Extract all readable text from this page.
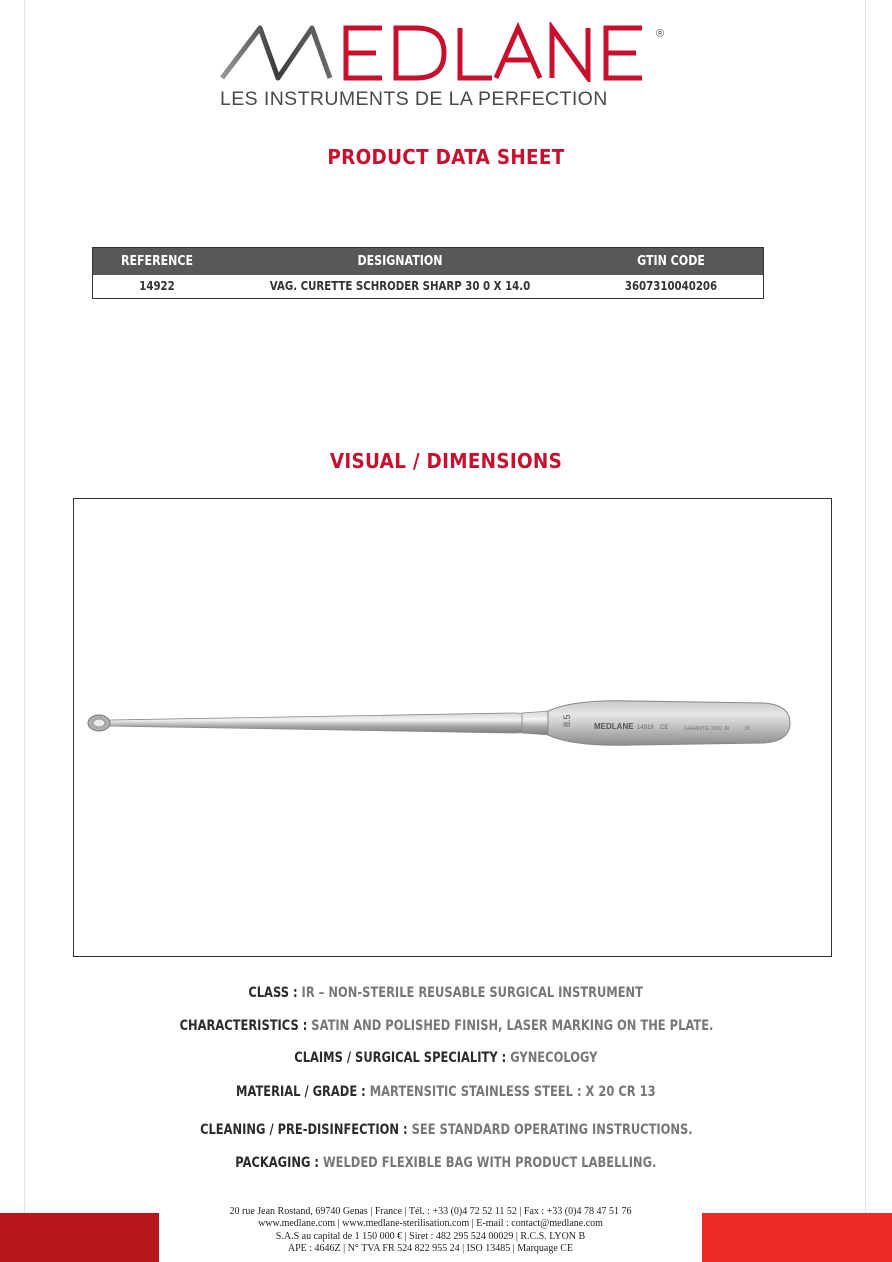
®
LES INSTRUMENTS DE LA PERFECTION
PRODUCT DATA SHEET
REFERENCE	DESIGNATION	GTIN CODE
14922	VAG. CURETTE SCHRODER SHARP 30 0 X 14.0	3607310040206
VISUAL / DIMENSIONS
8.5	MEDLANE 14918 CE	GARANTIE 2000 JR	JK
CLASS : IR – NON-STERILE REUSABLE SURGICAL INSTRUMENT
CHARACTERISTICS : SATIN AND POLISHED FINISH, LASER MARKING ON THE PLATE.
CLAIMS / SURGICAL SPECIALITY : GYNECOLOGY
MATERIAL / GRADE : MARTENSITIC STAINLESS STEEL : X 20 CR 13
CLEANING / PRE-DISINFECTION : SEE STANDARD OPERATING INSTRUCTIONS.
PACKAGING : WELDED FLEXIBLE BAG WITH PRODUCT LABELLING.
20 rue Jean Rostand, 69740 Genas | France | Tél. : +33 (0)4 72 52 11 52 | Fax : +33 (0)4 78 47 51 76
www.medlane.com | www.medlane-sterilisation.com | E-mail : contact@medlane.com
S.A.S au capital de 1 150 000 € | Siret : 482 295 524 00029 | R.C.S. LYON B
APE : 4646Z | N° TVA FR 524 822 955 24 | ISO 13485 | Marquage CE
